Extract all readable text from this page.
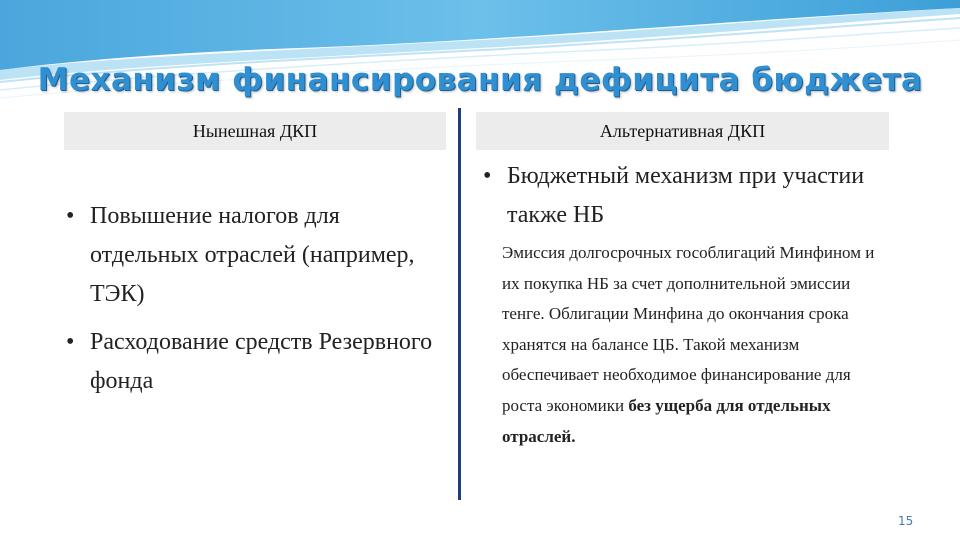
Механизм финансирования дефицита бюджета
Нынешная ДКП	Альтернативная ДКП
• Повышение налогов для отдельных отраслей (например, ТЭК)
• Расходование средств Резервного фонда
• Бюджетный механизм при участии также НБ
Эмиссия долгосрочных гособлигаций Минфином и их покупка НБ за счет дополнительной эмиссии тенге. Облигации Минфина до окончания срока хранятся на балансе ЦБ. Такой механизм обеспечивает необходимое финансирование для роста экономики без ущерба для отдельных отраслей.
15
